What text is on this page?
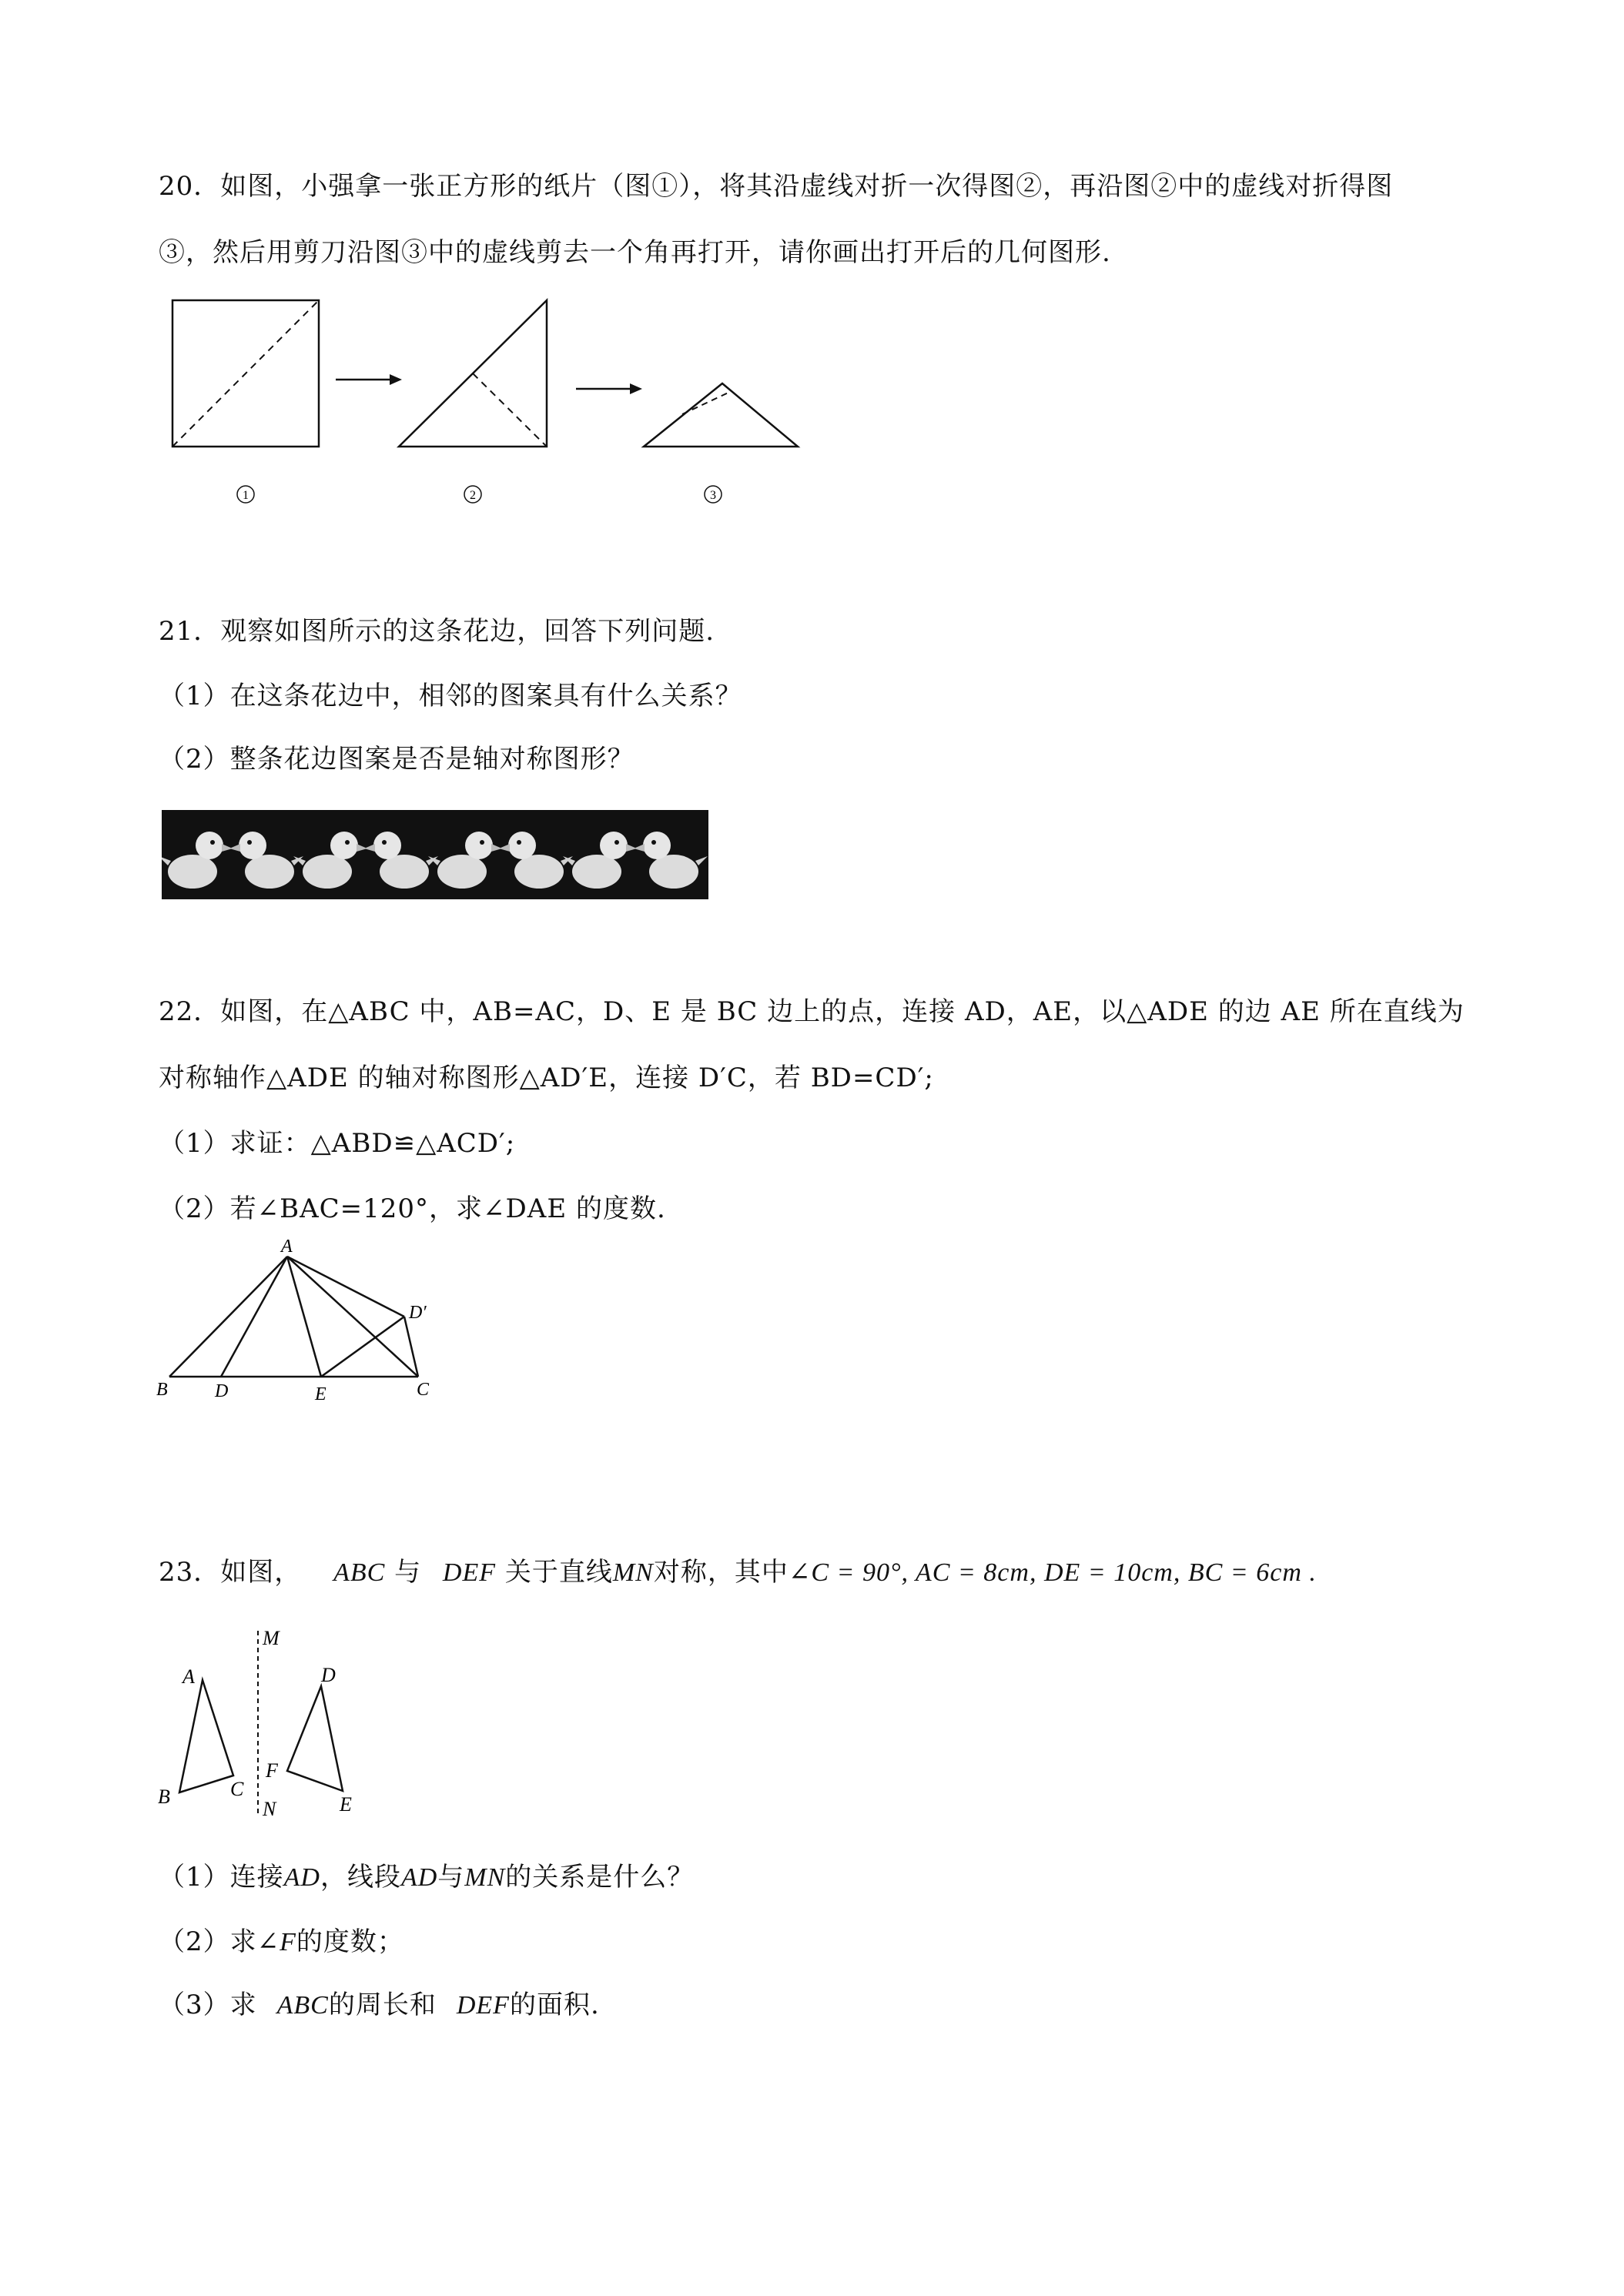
20．如图，小强拿一张正方形的纸片（图①），将其沿虚线对折一次得图②，再沿图②中的虚线对折得图
③，然后用剪刀沿图③中的虚线剪去一个角再打开，请你画出打开后的几何图形.
1	2	3
21．观察如图所示的这条花边，回答下列问题.
（1）在这条花边中，相邻的图案具有什么关系？
（2）整条花边图案是否是轴对称图形？
22．如图，在△ABC 中，AB=AC，D、E 是 BC 边上的点，连接 AD，AE，以△ADE 的边 AE 所在直线为
对称轴作△ADE 的轴对称图形△AD′E，连接 D′C，若 BD=CD′;
（1）求证：△ABD≌△ACD′;
（2）若∠BAC=120°，求∠DAE 的度数.
A
B	D	E	C
D′
23．如图， ABC 与 DEF 关于直线MN对称，其中∠C = 90°, AC = 8cm, DE = 10cm, BC = 6cm .
M
N
A
B	C
D
E
F
（1）连接AD，线段AD与MN的关系是什么？
（2）求∠F的度数；
（3）求 ABC的周长和 DEF的面积.
